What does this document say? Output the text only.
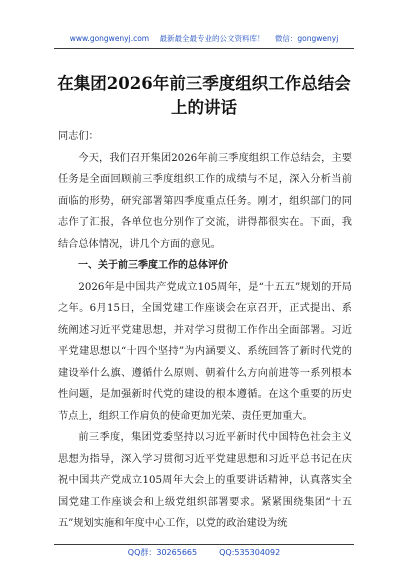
www.gongwenyj.com 最新最全最专业的公文资料库！ 微信：gongwenyj
在集团2026年前三季度组织工作总结会上的讲话

同志们：

今天，我们召开集团2026年前三季度组织工作总结会，主要任务是全面回顾前三季度组织工作的成绩与不足，深入分析当前面临的形势，研究部署第四季度重点任务。刚才，组织部门的同志作了汇报，各单位也分别作了交流，讲得都很实在。下面，我结合总体情况，讲几个方面的意见。

一、关于前三季度工作的总体评价

2026年是中国共产党成立105周年，是“十五五”规划的开局之年。6月15日，全国党建工作座谈会在京召开，正式提出、系统阐述习近平党建思想，并对学习贯彻工作作出全面部署。习近平党建思想以“十四个坚持”为内涵要义、系统回答了新时代党的建设举什么旗、遵循什么原则、朝着什么方向前进等一系列根本性问题，是加强新时代党的建设的根本遵循。在这个重要的历史节点上，组织工作肩负的使命更加光荣、责任更加重大。

前三季度，集团党委坚持以习近平新时代中国特色社会主义思想为指导，深入学习贯彻习近平党建思想和习近平总书记在庆祝中国共产党成立105周年大会上的重要讲话精神，认真落实全国党建工作座谈会和上级党组织部署要求。紧紧围绕集团“十五五”规划实施和年度中心工作，以党的政治建设为统

QQ群：30265665	QQ:535304092
